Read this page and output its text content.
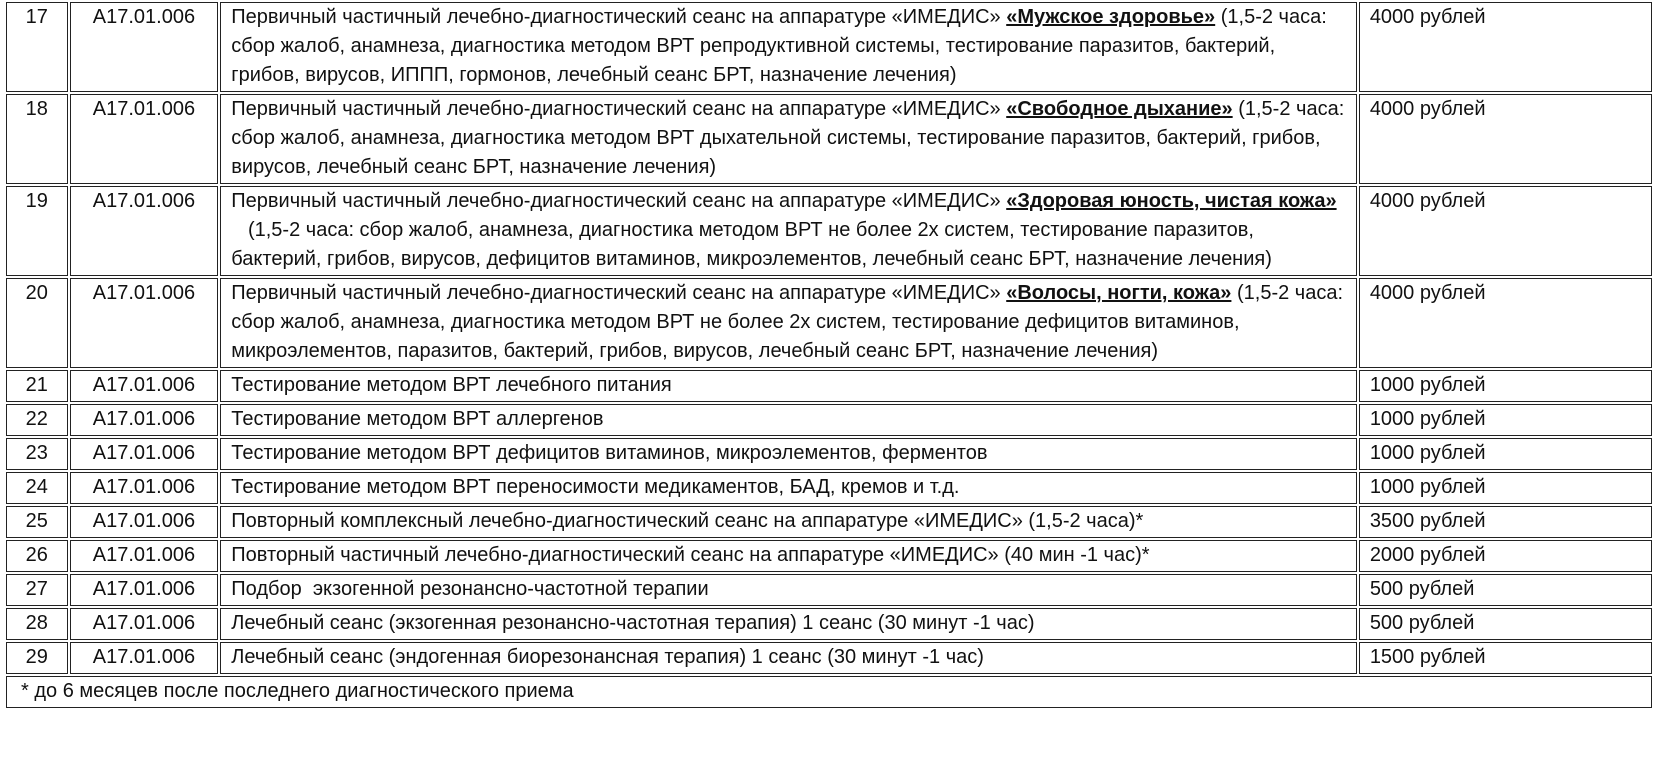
17	A17.01.006	Первичный частичный лечебно-диагностический сеанс на аппаратуре «ИМЕДИС» «Мужское здоровье» (1,5-2 часа: сбор жалоб, анамнеза, диагностика методом ВРТ репродуктивной системы, тестирование паразитов, бактерий, грибов, вирусов, ИППП, гормонов, лечебный сеанс БРТ, назначение лечения)	4000 рублей
18	A17.01.006	Первичный частичный лечебно-диагностический сеанс на аппаратуре «ИМЕДИС» «Свободное дыхание» (1,5-2 часа: сбор жалоб, анамнеза, диагностика методом ВРТ дыхательной системы, тестирование паразитов, бактерий, грибов, вирусов, лечебный сеанс БРТ, назначение лечения)	4000 рублей
19	A17.01.006	Первичный частичный лечебно-диагностический сеанс на аппаратуре «ИМЕДИС» «Здоровая юность, чистая кожа»   (1,5-2 часа: сбор жалоб, анамнеза, диагностика методом ВРТ не более 2х систем, тестирование паразитов, бактерий, грибов, вирусов, дефицитов витаминов, микроэлементов, лечебный сеанс БРТ, назначение лечения)	4000 рублей
20	A17.01.006	Первичный частичный лечебно-диагностический сеанс на аппаратуре «ИМЕДИС» «Волосы, ногти, кожа» (1,5-2 часа: сбор жалоб, анамнеза, диагностика методом ВРТ не более 2х систем, тестирование дефицитов витаминов, микроэлементов, паразитов, бактерий, грибов, вирусов, лечебный сеанс БРТ, назначение лечения)	4000 рублей
21	A17.01.006	Тестирование методом ВРТ лечебного питания	1000 рублей
22	A17.01.006	Тестирование методом ВРТ аллергенов	1000 рублей
23	A17.01.006	Тестирование методом ВРТ дефицитов витаминов, микроэлементов, ферментов	1000 рублей
24	A17.01.006	Тестирование методом ВРТ переносимости медикаментов, БАД, кремов и т.д.	1000 рублей
25	A17.01.006	Повторный комплексный лечебно-диагностический сеанс на аппаратуре «ИМЕДИС» (1,5-2 часа)*	3500 рублей
26	A17.01.006	Повторный частичный лечебно-диагностический сеанс на аппаратуре «ИМЕДИС» (40 мин -1 час)*	2000 рублей
27	A17.01.006	Подбор  экзогенной резонансно-частотной терапии	500 рублей
28	A17.01.006	Лечебный сеанс (экзогенная резонансно-частотная терапия) 1 сеанс (30 минут -1 час)	500 рублей
29	A17.01.006	Лечебный сеанс (эндогенная биорезонансная терапия) 1 сеанс (30 минут -1 час)	1500 рублей
* до 6 месяцев после последнего диагностического приема			
